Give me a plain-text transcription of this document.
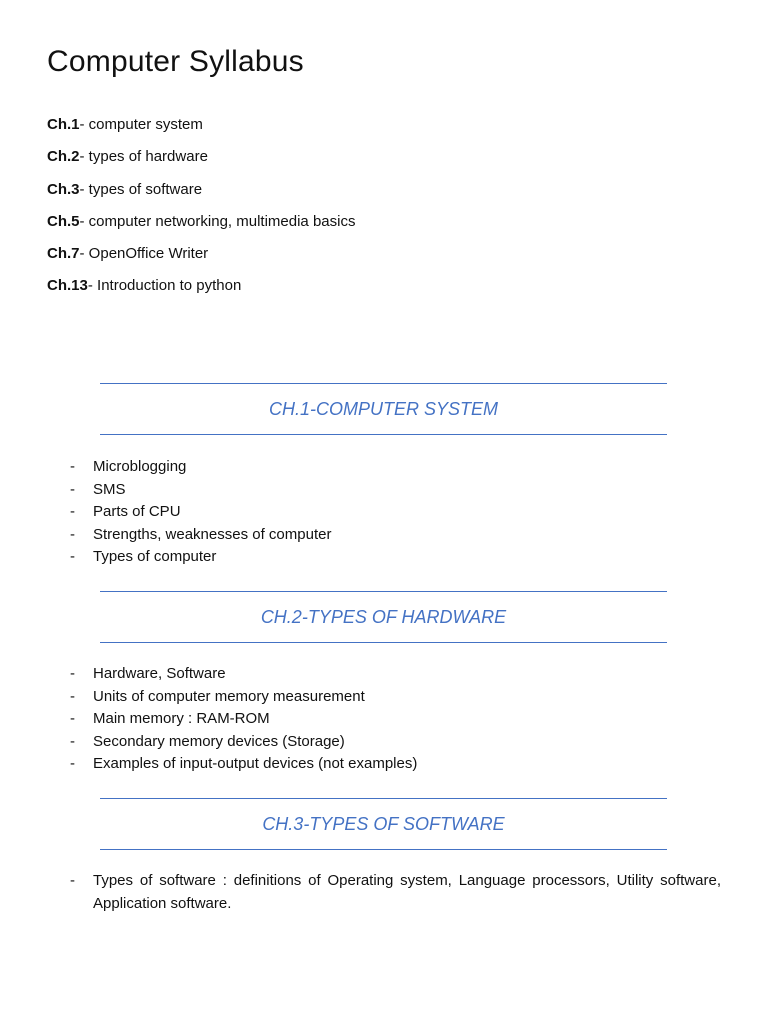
Computer Syllabus
Ch.1- computer system
Ch.2- types of hardware
Ch.3- types of software
Ch.5- computer networking, multimedia basics
Ch.7- OpenOffice Writer
Ch.13- Introduction to python
CH.1-COMPUTER SYSTEM
- Microblogging
- SMS
- Parts of CPU
- Strengths, weaknesses of computer
- Types of computer
CH.2-TYPES OF HARDWARE
- Hardware, Software
- Units of computer memory measurement
- Main memory : RAM-ROM
- Secondary memory devices (Storage)
- Examples of input-output devices (not examples)
CH.3-TYPES OF SOFTWARE
- Types of software : definitions of Operating system, Language processors, Utility software, Application software.
